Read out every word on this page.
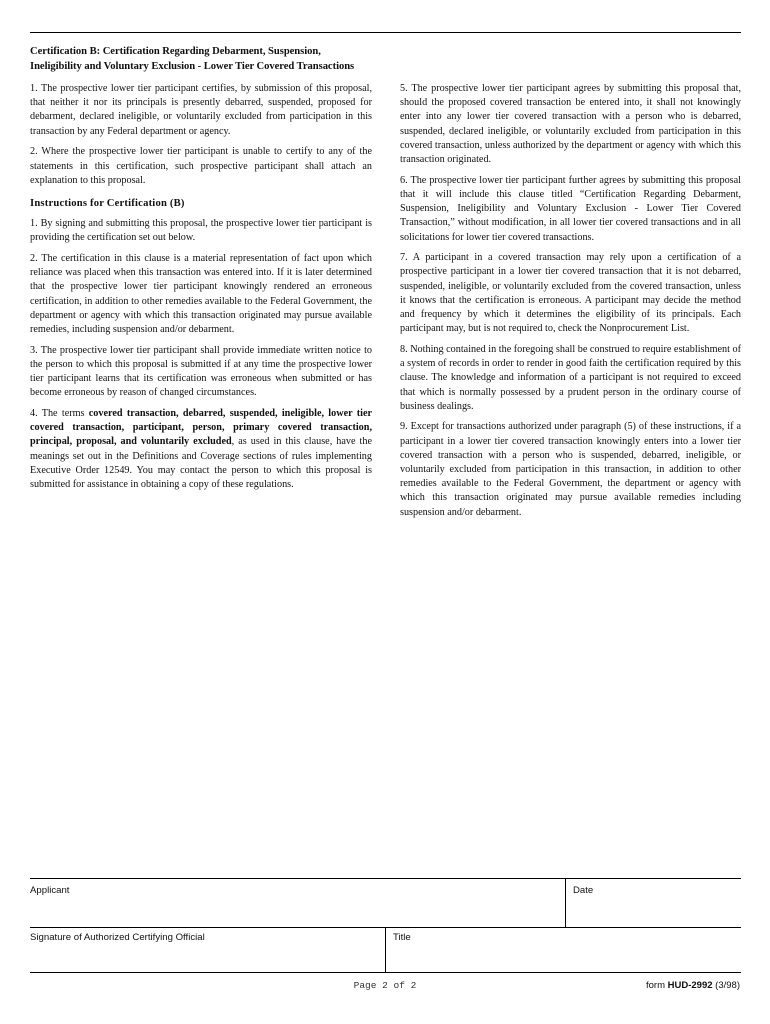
Certification B: Certification Regarding Debarment, Suspension, Ineligibility and Voluntary Exclusion - Lower Tier Covered Transactions

1. The prospective lower tier participant certifies, by submission of this proposal, that neither it nor its principals is presently debarred, suspended, proposed for debarment, declared ineligible, or voluntarily excluded from participation in this transaction by any Federal department or agency.

2. Where the prospective lower tier participant is unable to certify to any of the statements in this certification, such prospective participant shall attach an explanation to this proposal.

Instructions for Certification (B)

1. By signing and submitting this proposal, the prospective lower tier participant is providing the certification set out below.

2. The certification in this clause is a material representation of fact upon which reliance was placed when this transaction was entered into. If it is later determined that the prospective lower tier participant knowingly rendered an erroneous certification, in addition to other remedies available to the Federal Government, the department or agency with which this transaction originated may pursue available remedies, including suspension and/or debarment.

3. The prospective lower tier participant shall provide immediate written notice to the person to which this proposal is submitted if at any time the prospective lower tier participant learns that its certification was erroneous when submitted or has become erroneous by reason of changed circumstances.

4. The terms covered transaction, debarred, suspended, ineligible, lower tier covered transaction, participant, person, primary covered transaction, principal, proposal, and voluntarily excluded, as used in this clause, have the meanings set out in the Definitions and Coverage sections of rules implementing Executive Order 12549. You may contact the person to which this proposal is submitted for assistance in obtaining a copy of these regulations.

5. The prospective lower tier participant agrees by submitting this proposal that, should the proposed covered transaction be entered into, it shall not knowingly enter into any lower tier covered transaction with a person who is debarred, suspended, declared ineligible, or voluntarily excluded from participation in this covered transaction, unless authorized by the department or agency with which this transaction originated.

6. The prospective lower tier participant further agrees by submitting this proposal that it will include this clause titled “Certification Regarding Debarment, Suspension, Ineligibility and Voluntary Exclusion - Lower Tier Covered Transaction,” without modification, in all lower tier covered transactions and in all solicitations for lower tier covered transactions.

7. A participant in a covered transaction may rely upon a certification of a prospective participant in a lower tier covered transaction that it is not debarred, suspended, ineligible, or voluntarily excluded from the covered transaction, unless it knows that the certification is erroneous. A participant may decide the method and frequency by which it determines the eligibility of its principals. Each participant may, but is not required to, check the Nonprocurement List.

8. Nothing contained in the foregoing shall be construed to require establishment of a system of records in order to render in good faith the certification required by this clause. The knowledge and information of a participant is not required to exceed that which is normally possessed by a prudent person in the ordinary course of business dealings.

9. Except for transactions authorized under paragraph (5) of these instructions, if a participant in a lower tier covered transaction knowingly enters into a lower tier covered transaction with a person who is suspended, debarred, ineligible, or voluntarily excluded from participation in this transaction, in addition to other remedies available to the Federal Government, the department or agency with which this transaction originated may pursue available remedies including suspension and/or debarment.

Applicant	Date
Signature of Authorized Certifying Official	Title
Page 2 of 2	form HUD-2992 (3/98)
